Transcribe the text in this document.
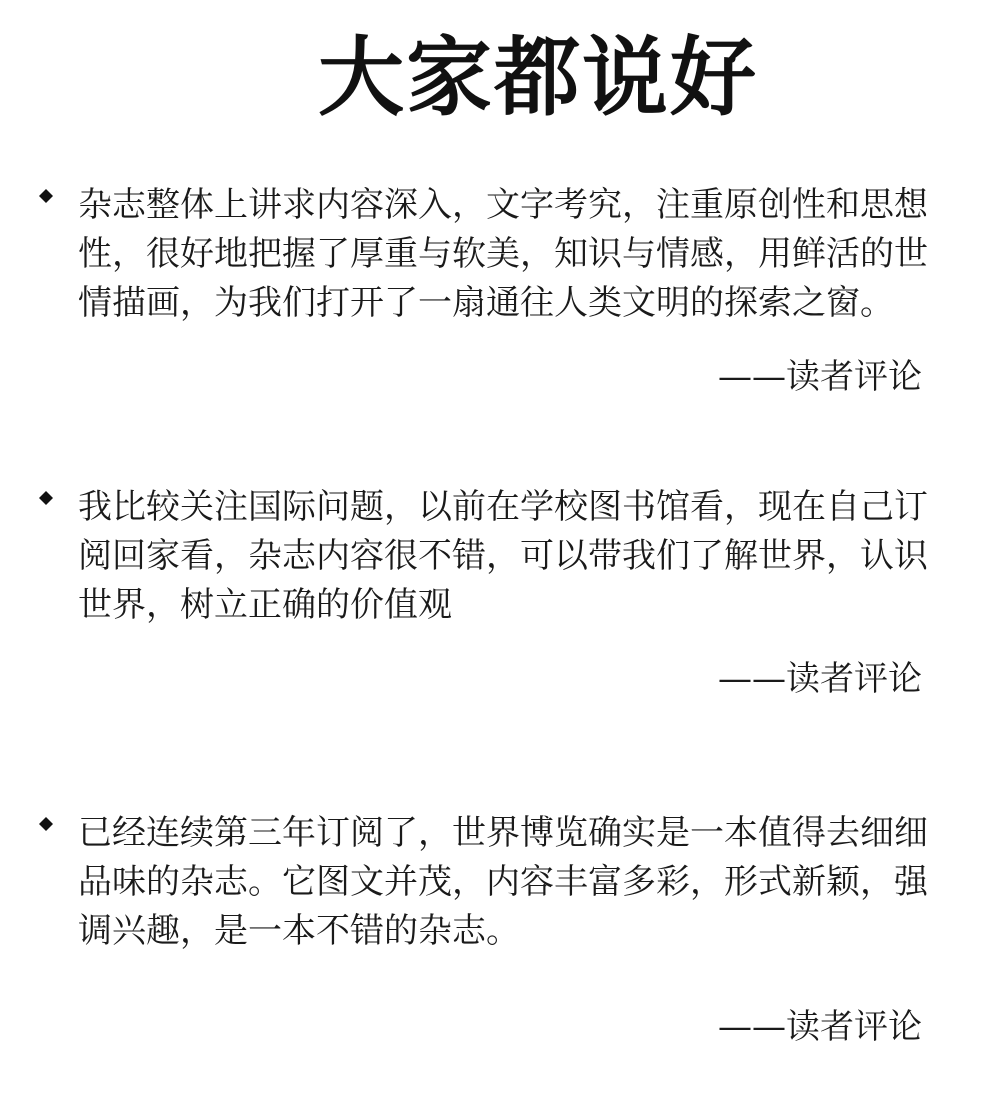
大家都说好
杂志整体上讲求内容深入，文字考究，注重原创性和思想性，很好地把握了厚重与软美，知识与情感，用鲜活的世情描画，为我们打开了一扇通往人类文明的探索之窗。
——读者评论
我比较关注国际问题，以前在学校图书馆看，现在自己订阅回家看，杂志内容很不错，可以带我们了解世界，认识世界，树立正确的价值观
——读者评论
已经连续第三年订阅了，世界博览确实是一本值得去细细品味的杂志。它图文并茂，内容丰富多彩，形式新颖，强调兴趣，是一本不错的杂志。
——读者评论
